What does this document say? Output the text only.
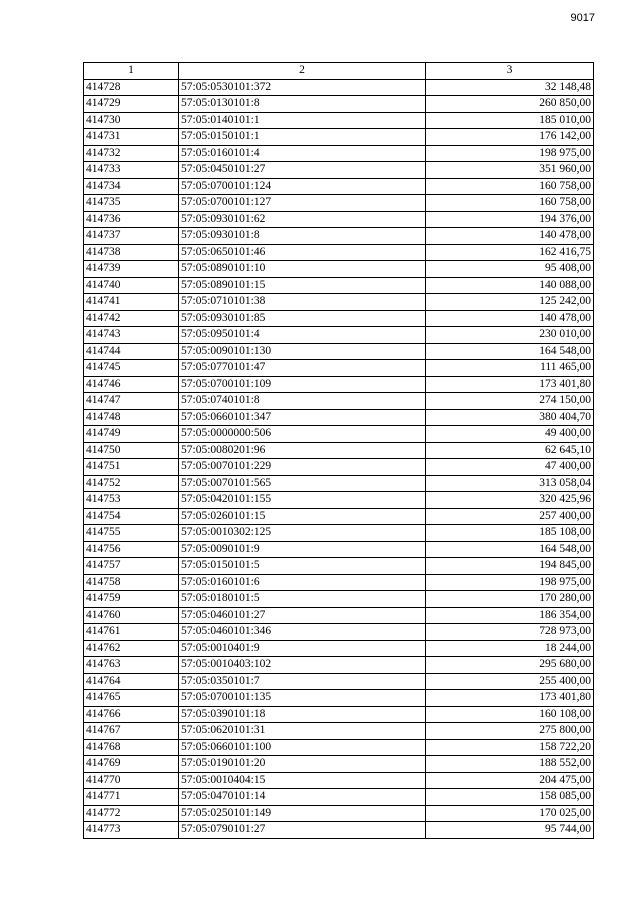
9017
1	2	3
414728	57:05:0530101:372	32 148,48
414729	57:05:0130101:8	260 850,00
414730	57:05:0140101:1	185 010,00
414731	57:05:0150101:1	176 142,00
414732	57:05:0160101:4	198 975,00
414733	57:05:0450101:27	351 960,00
414734	57:05:0700101:124	160 758,00
414735	57:05:0700101:127	160 758,00
414736	57:05:0930101:62	194 376,00
414737	57:05:0930101:8	140 478,00
414738	57:05:0650101:46	162 416,75
414739	57:05:0890101:10	95 408,00
414740	57:05:0890101:15	140 088,00
414741	57:05:0710101:38	125 242,00
414742	57:05:0930101:85	140 478,00
414743	57:05:0950101:4	230 010,00
414744	57:05:0090101:130	164 548,00
414745	57:05:0770101:47	111 465,00
414746	57:05:0700101:109	173 401,80
414747	57:05:0740101:8	274 150,00
414748	57:05:0660101:347	380 404,70
414749	57:05:0000000:506	49 400,00
414750	57:05:0080201:96	62 645,10
414751	57:05:0070101:229	47 400,00
414752	57:05:0070101:565	313 058,04
414753	57:05:0420101:155	320 425,96
414754	57:05:0260101:15	257 400,00
414755	57:05:0010302:125	185 108,00
414756	57:05:0090101:9	164 548,00
414757	57:05:0150101:5	194 845,00
414758	57:05:0160101:6	198 975,00
414759	57:05:0180101:5	170 280,00
414760	57:05:0460101:27	186 354,00
414761	57:05:0460101:346	728 973,00
414762	57:05:0010401:9	18 244,00
414763	57:05:0010403:102	295 680,00
414764	57:05:0350101:7	255 400,00
414765	57:05:0700101:135	173 401,80
414766	57:05:0390101:18	160 108,00
414767	57:05:0620101:31	275 800,00
414768	57:05:0660101:100	158 722,20
414769	57:05:0190101:20	188 552,00
414770	57:05:0010404:15	204 475,00
414771	57:05:0470101:14	158 085,00
414772	57:05:0250101:149	170 025,00
414773	57:05:0790101:27	95 744,00
